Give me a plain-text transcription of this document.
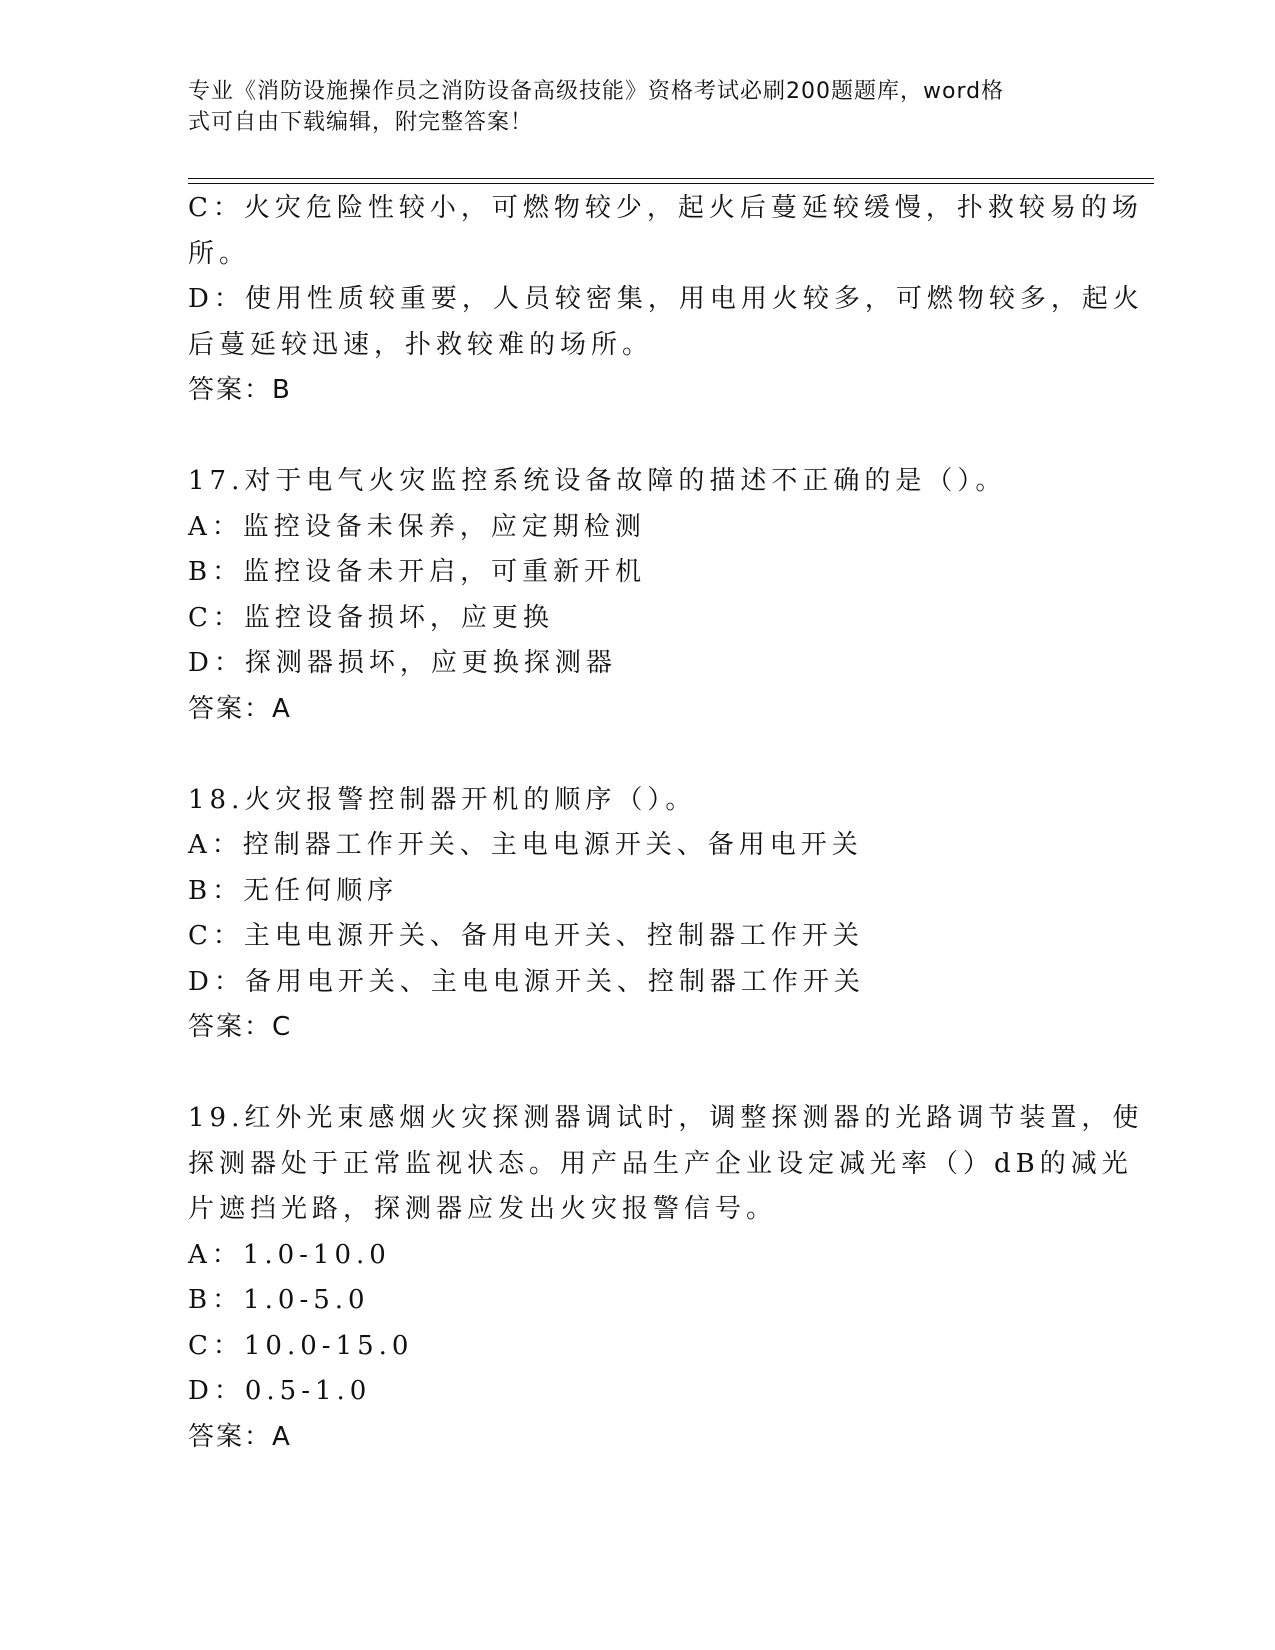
专业《消防设施操作员之消防设备高级技能》资格考试必刷200题题库，word格
式可自由下载编辑，附完整答案！
C：火灾危险性较小，可燃物较少，起火后蔓延较缓慢，扑救较易的场
所。
D：使用性质较重要，人员较密集，用电用火较多，可燃物较多，起火
后蔓延较迅速，扑救较难的场所。
答案：B
17.对于电气火灾监控系统设备故障的描述不正确的是（）。
A：监控设备未保养，应定期检测
B：监控设备未开启，可重新开机
C：监控设备损坏，应更换
D：探测器损坏，应更换探测器
答案：A
18.火灾报警控制器开机的顺序（）。
A：控制器工作开关、主电电源开关、备用电开关
B：无任何顺序
C：主电电源开关、备用电开关、控制器工作开关
D：备用电开关、主电电源开关、控制器工作开关
答案：C
19.红外光束感烟火灾探测器调试时，调整探测器的光路调节装置，使
探测器处于正常监视状态。用产品生产企业设定减光率（）dB的减光
片遮挡光路，探测器应发出火灾报警信号。
A：1.0-10.0
B：1.0-5.0
C：10.0-15.0
D：0.5-1.0
答案：A
